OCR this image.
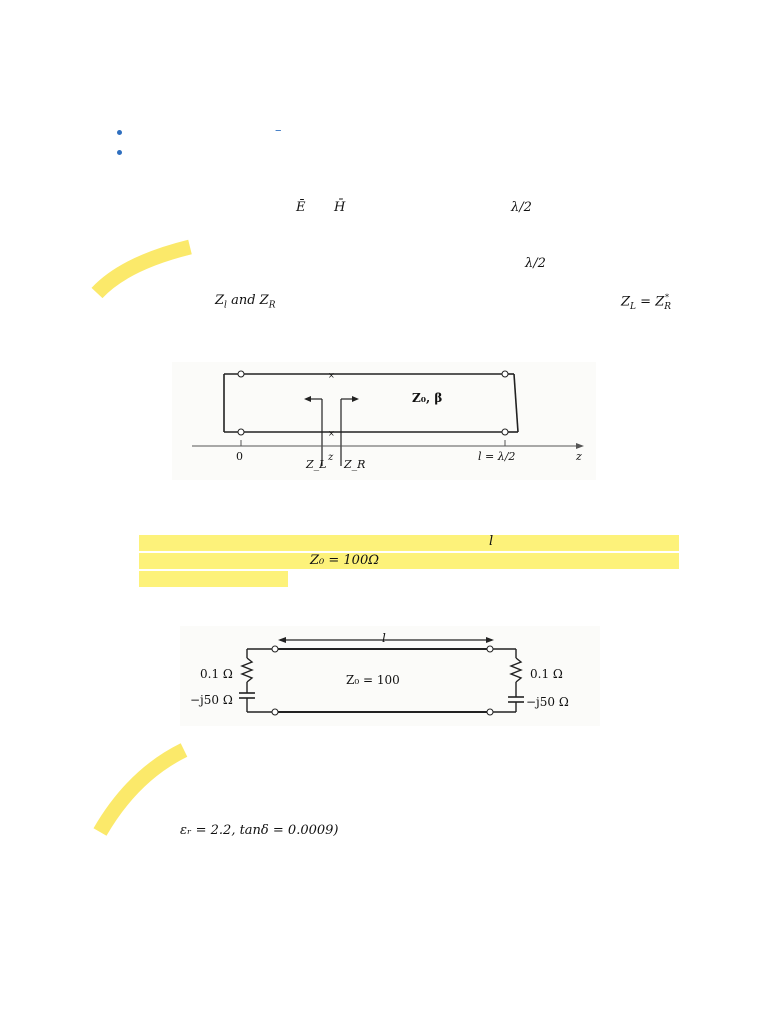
–
Ē H̄	λ/2
λ/2
$Z_l$ and $Z_R$	$Z_L = Z_R^*$
×
×
Z₀, β
0	z
Z_L Z_R
l = λ/2	z
l
Z₀ = 100Ω
l
0.1 Ω
−j50 Ω
Z₀ = 100	0.1 Ω
−j50 Ω
εᵣ = 2.2, tanδ = 0.0009)
